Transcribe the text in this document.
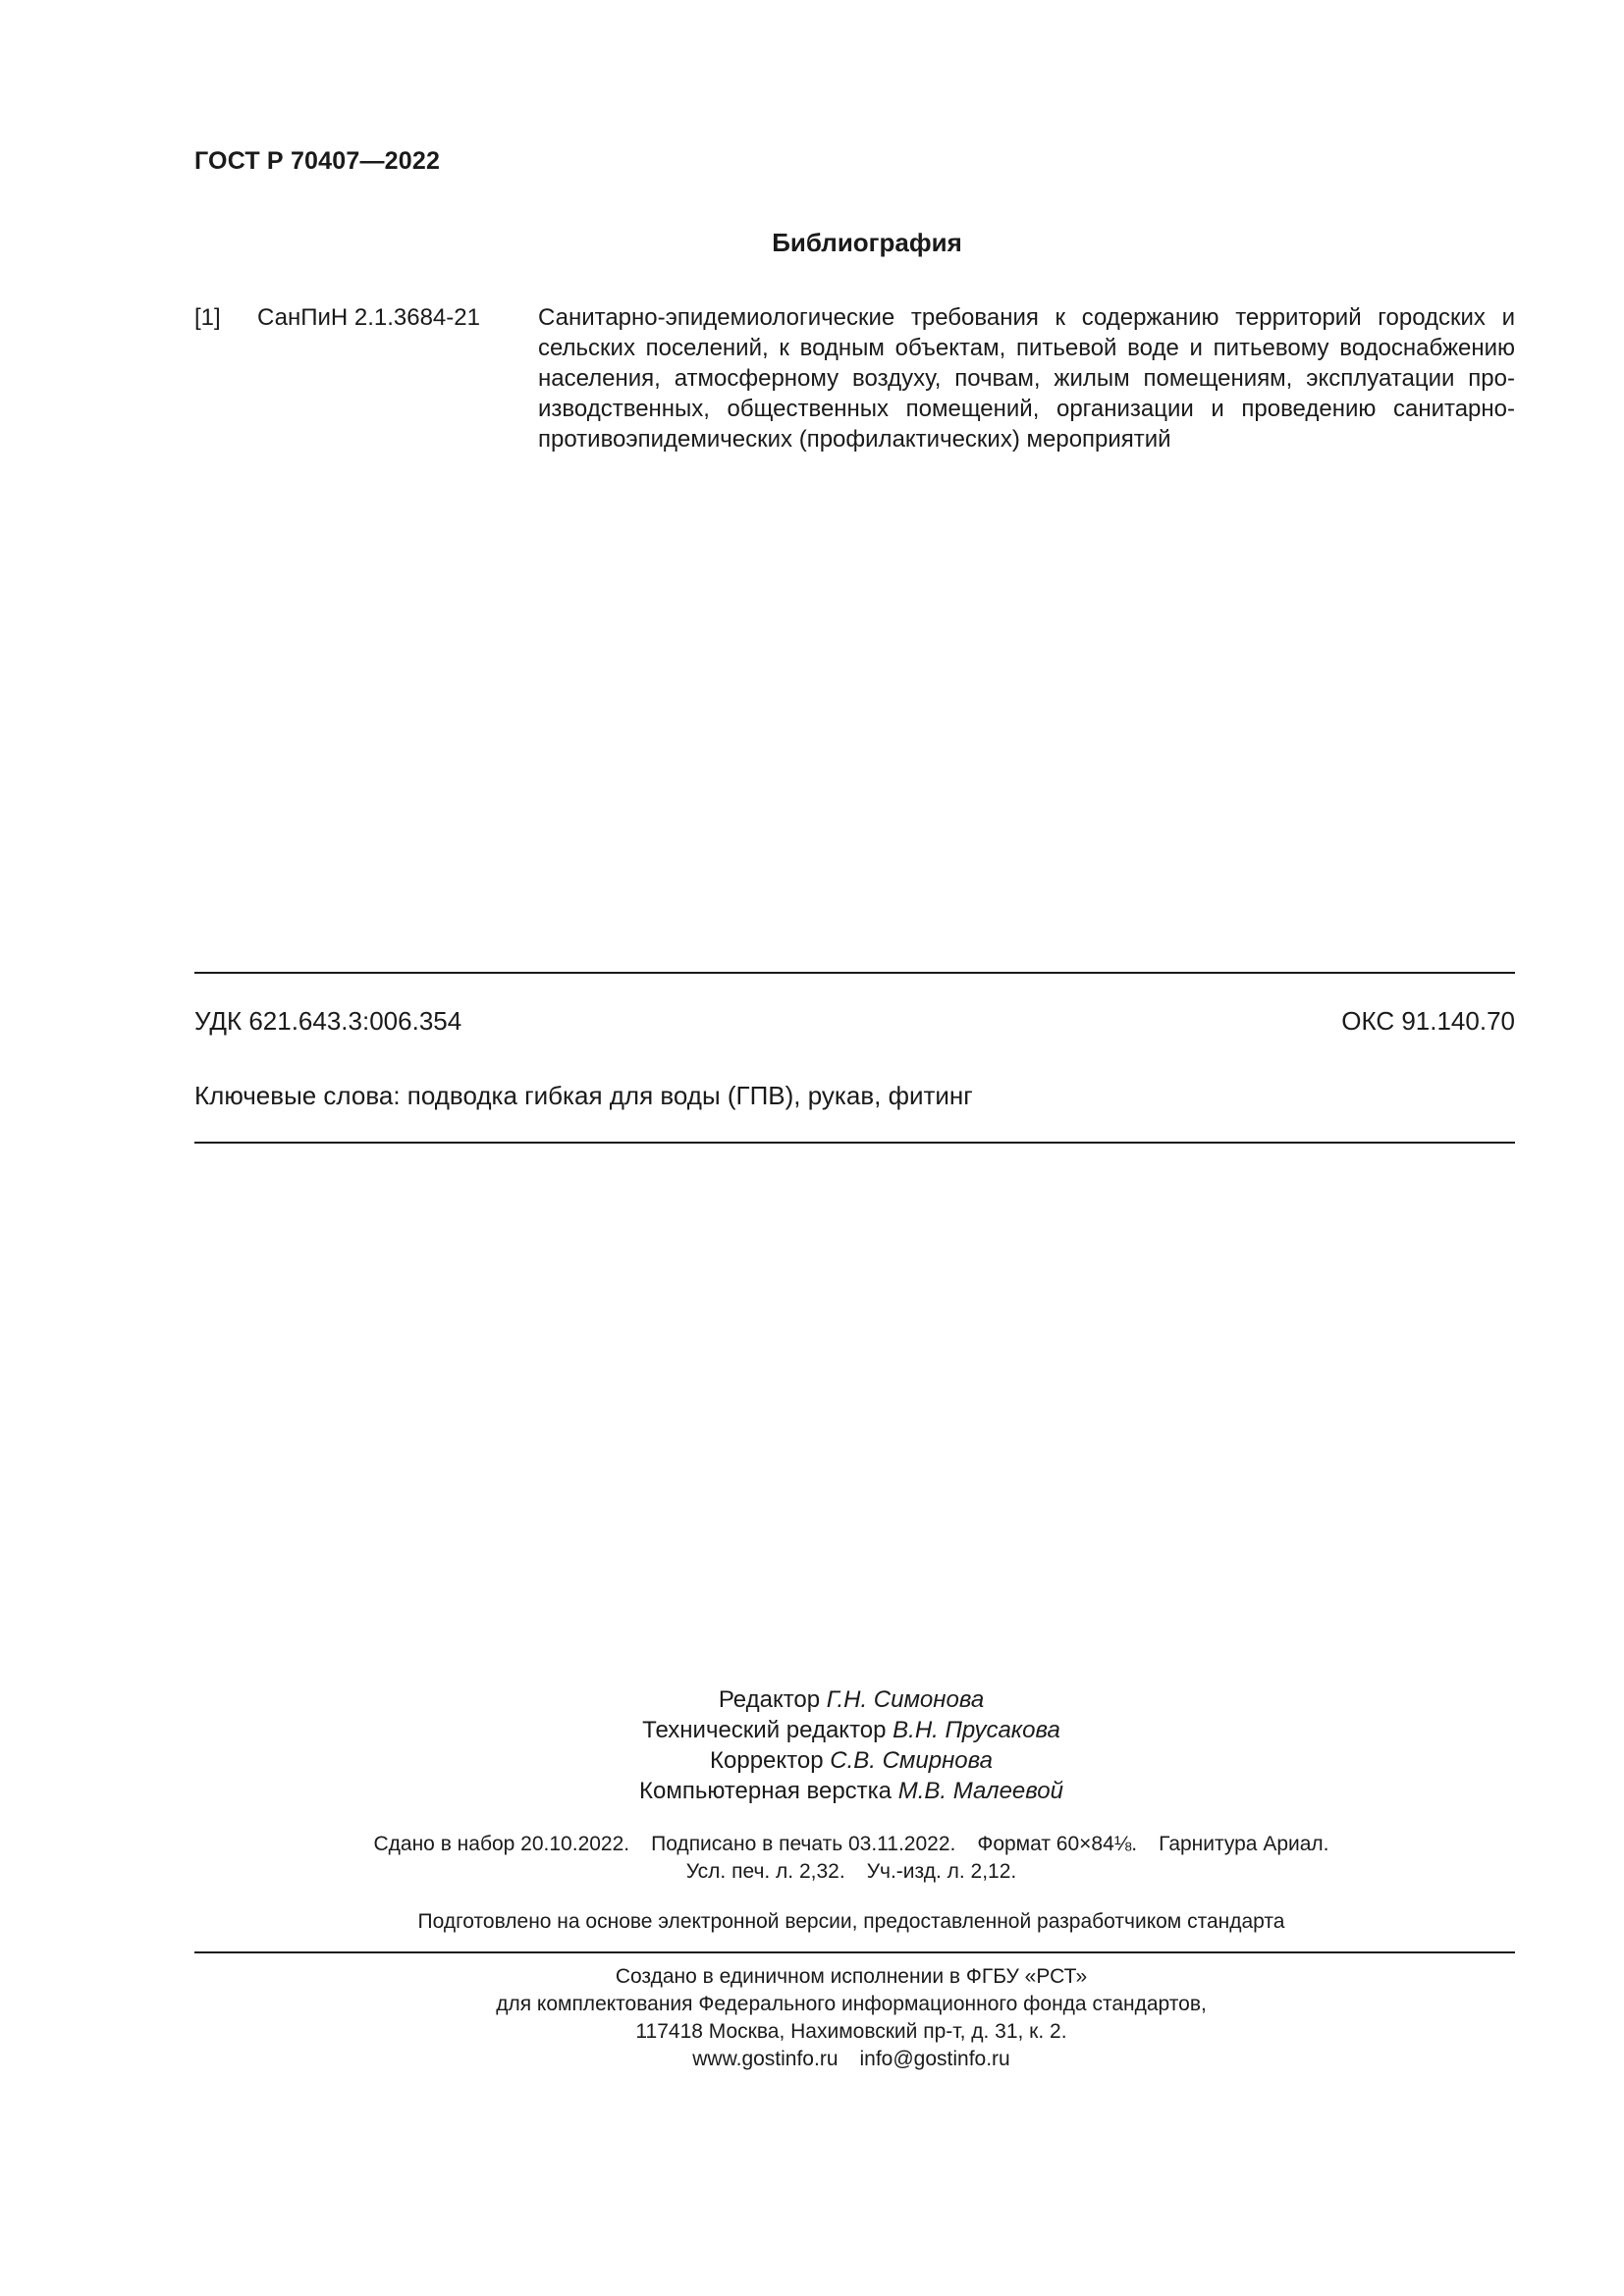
ГОСТ Р 70407—2022
Библиография
[1] СанПиН 2.1.3684-21 Санитарно-эпидемиологические требования к содержанию территорий городских и сельских поселений, к водным объектам, питьевой воде и питьевому водоснабжению населения, атмосферному воздуху, почвам, жилым помещениям, эксплуатации производственных, общественных помещений, организации и проведению санитарно-противоэпидемических (профилактических) мероприятий
УДК 621.643.3:006.354	ОКС 91.140.70
Ключевые слова: подводка гибкая для воды (ГПВ), рукав, фитинг
Редактор Г.Н. Симонова
Технический редактор В.Н. Прусакова
Корректор С.В. Смирнова
Компьютерная верстка М.В. Малеевой
Сдано в набор 20.10.2022. Подписано в печать 03.11.2022. Формат 60×84⅛. Гарнитура Ариал.
Усл. печ. л. 2,32. Уч.-изд. л. 2,12.
Подготовлено на основе электронной версии, предоставленной разработчиком стандарта
Создано в единичном исполнении в ФГБУ «РСТ»
для комплектования Федерального информационного фонда стандартов,
117418 Москва, Нахимовский пр-т, д. 31, к. 2.
www.gostinfo.ru info@gostinfo.ru
